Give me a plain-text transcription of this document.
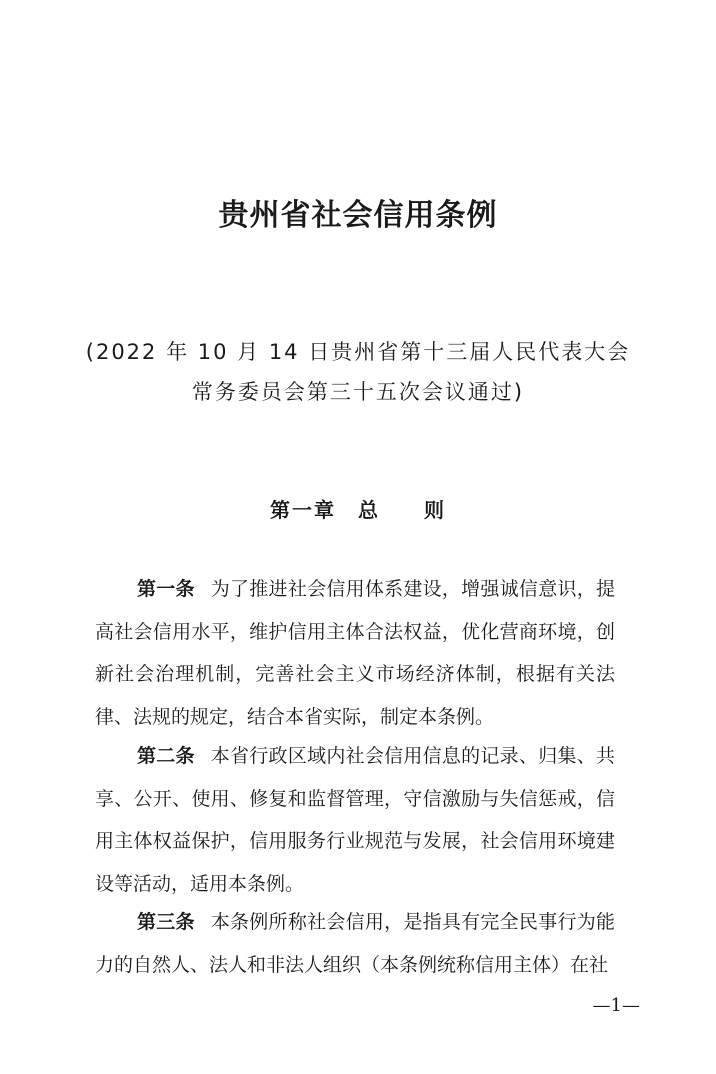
贵州省社会信用条例
(2022 年 10 月 14 日贵州省第十三届人民代表大会
常务委员会第三十五次会议通过)
第一章　总　　则

第一条 为了推进社会信用体系建设，增强诚信意识，提高社会信用水平，维护信用主体合法权益，优化营商环境，创新社会治理机制，完善社会主义市场经济体制，根据有关法律、法规的规定，结合本省实际，制定本条例。

第二条 本省行政区域内社会信用信息的记录、归集、共享、公开、使用、修复和监督管理，守信激励与失信惩戒，信用主体权益保护，信用服务行业规范与发展，社会信用环境建设等活动，适用本条例。

第三条 本条例所称社会信用，是指具有完全民事行为能力的自然人、法人和非法人组织（本条例统称信用主体）在社

—1—
